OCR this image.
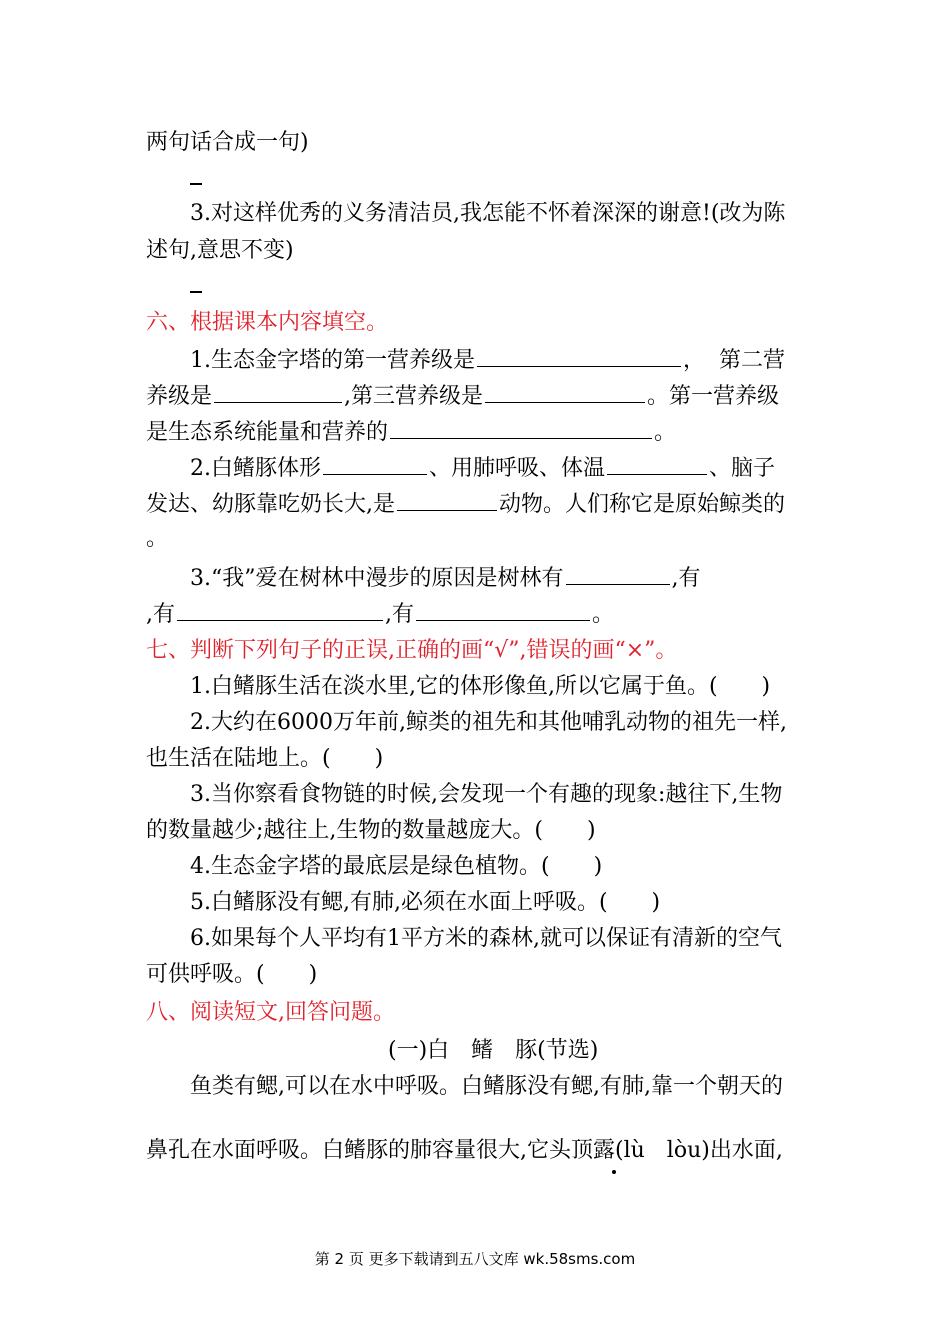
两句话合成一句)
3.对这样优秀的义务清洁员,我怎能不怀着深深的谢意!(改为陈
述句,意思不变)
六、根据课本内容填空。
1.生态金字塔的第一营养级是	，  第二营
养级是	,第三营养级是	。第一营养级
是生态系统能量和营养的	。
2.白鳍豚体形	、用肺呼吸、体温	、脑子
发达、幼豚靠吃奶长大,是	动物。人们称它是原始鲸类的
。
3.“我”爱在树林中漫步的原因是树林有	,有
,有	,有	。
七、判断下列句子的正误,正确的画“√”,错误的画“×”。
1.白鳍豚生活在淡水里,它的体形像鱼,所以它属于鱼。(　　)
2.大约在6000万年前,鲸类的祖先和其他哺乳动物的祖先一样,
也生活在陆地上。(　　)
3.当你察看食物链的时候,会发现一个有趣的现象:越往下,生物
的数量越少;越往上,生物的数量越庞大。(　　)
4.生态金字塔的最底层是绿色植物。(　　)
5.白鳍豚没有鳃,有肺,必须在水面上呼吸。(　　)
6.如果每个人平均有1平方米的森林,就可以保证有清新的空气
可供呼吸。(　　)
八、阅读短文,回答问题。
(一)白　鳍　豚(节选)
鱼类有鳃,可以在水中呼吸。白鳍豚没有鳃,有肺,靠一个朝天的
鼻孔在水面呼吸。白鳍豚的肺容量很大,它头顶露(lù　lòu)出水面,
第 2 页 更多下载请到五八文库 wk.58sms.com
